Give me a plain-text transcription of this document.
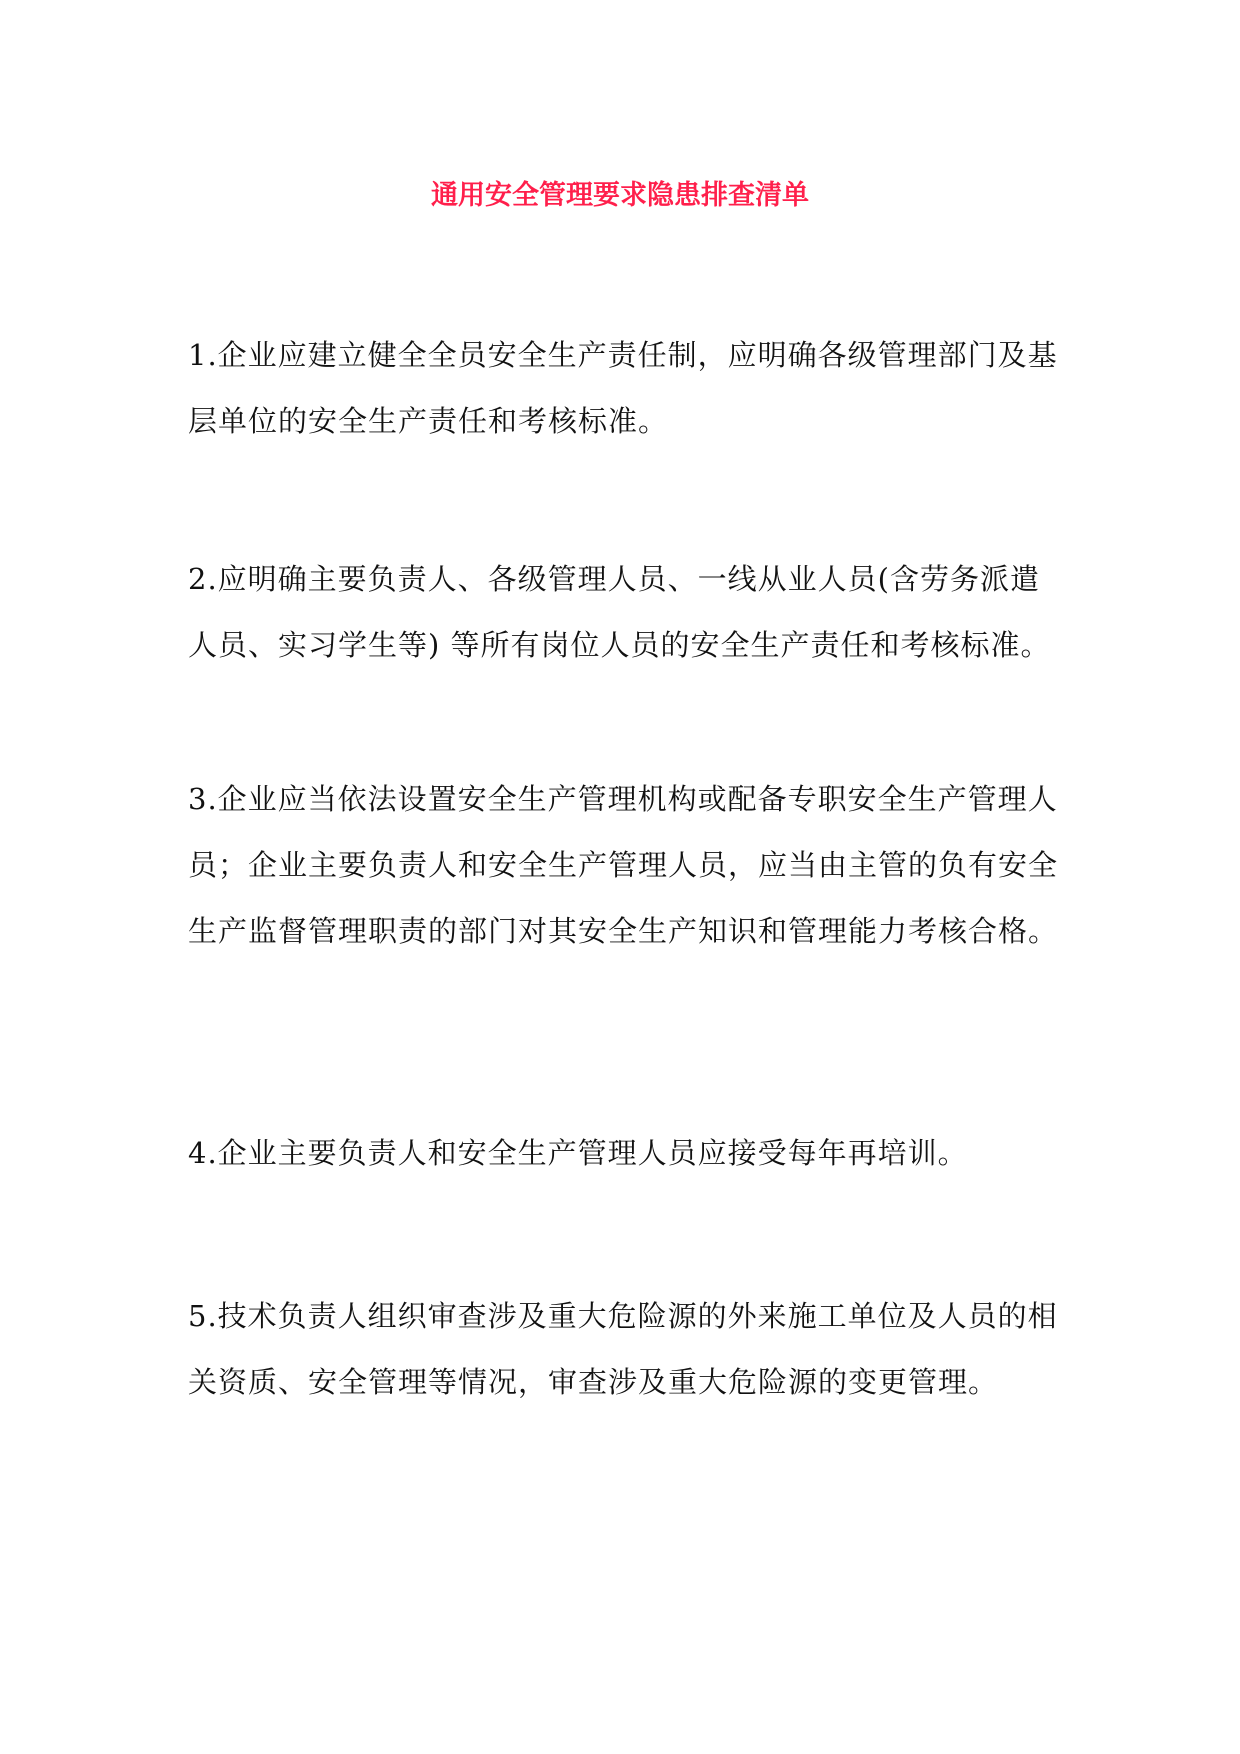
通用安全管理要求隐患排查清单

1.企业应建立健全全员安全生产责任制，应明确各级管理部门及基层单位的安全生产责任和考核标准。

2.应明确主要负责人、各级管理人员、一线从业人员(含劳务派遣人员、实习学生等) 等所有岗位人员的安全生产责任和考核标准。

3.企业应当依法设置安全生产管理机构或配备专职安全生产管理人员；企业主要负责人和安全生产管理人员，应当由主管的负有安全生产监督管理职责的部门对其安全生产知识和管理能力考核合格。

4.企业主要负责人和安全生产管理人员应接受每年再培训。

5.技术负责人组织审查涉及重大危险源的外来施工单位及人员的相关资质、安全管理等情况，审查涉及重大危险源的变更管理。
